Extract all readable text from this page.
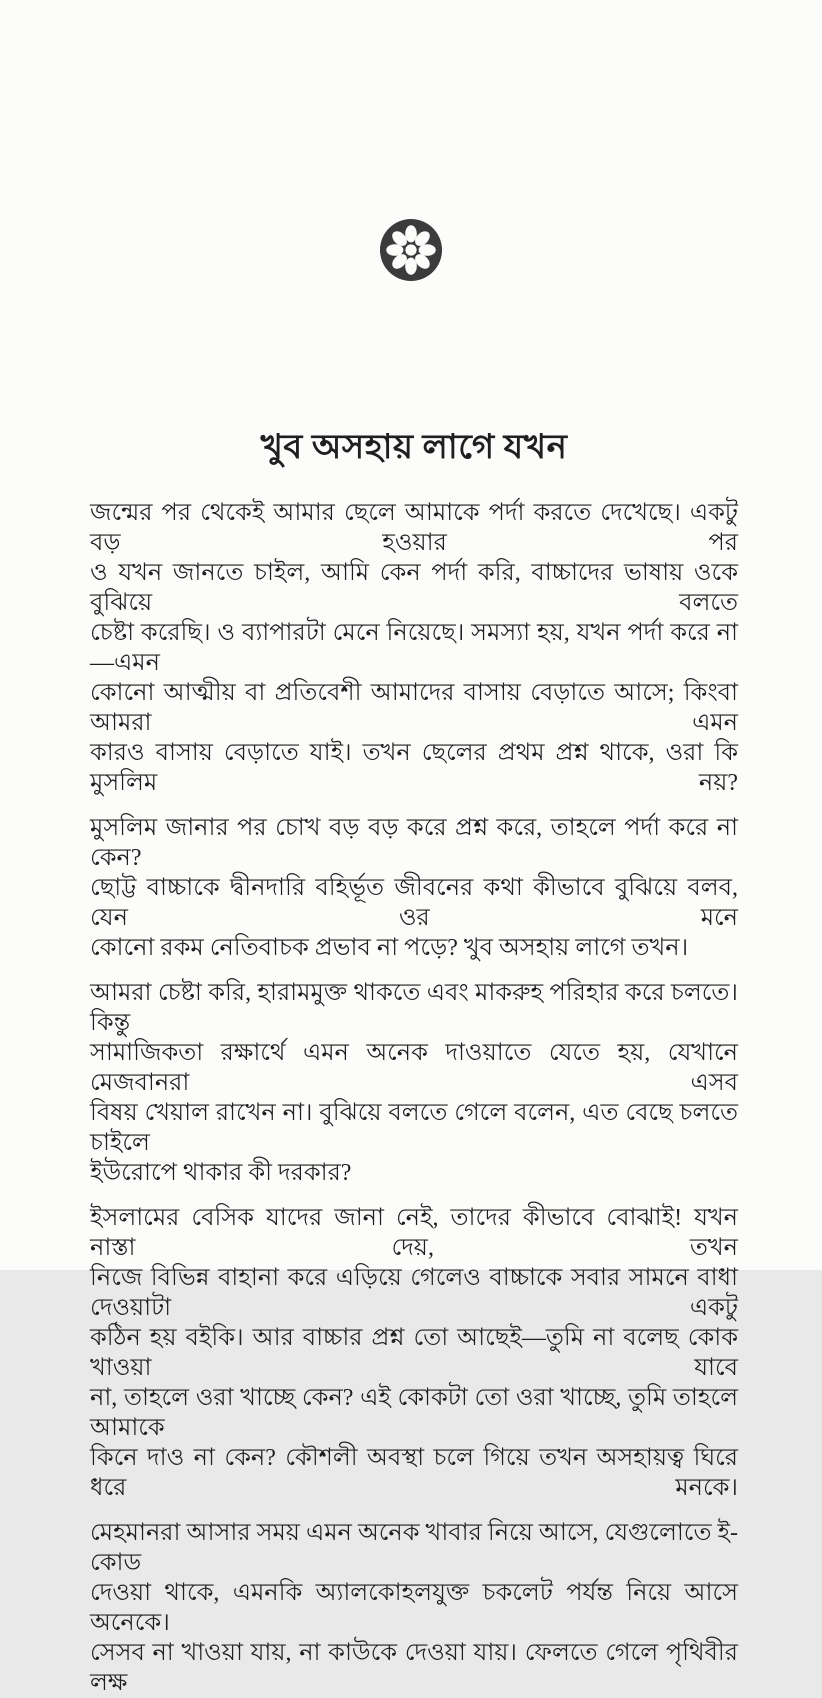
খুব অসহায় লাগে যখন
জন্মের পর থেকেই আমার ছেলে আমাকে পর্দা করতে দেখেছে। একটু বড় হওয়ার পর
ও যখন জানতে চাইল, আমি কেন পর্দা করি, বাচ্চাদের ভাষায় ওকে বুঝিয়ে বলতে
চেষ্টা করেছি। ও ব্যাপারটা মেনে নিয়েছে। সমস্যা হয়, যখন পর্দা করে না—এমন
কোনো আত্মীয় বা প্রতিবেশী আমাদের বাসায় বেড়াতে আসে; কিংবা আমরা এমন
কারও বাসায় বেড়াতে যাই। তখন ছেলের প্রথম প্রশ্ন থাকে, ওরা কি মুসলিম নয়?
মুসলিম জানার পর চোখ বড় বড় করে প্রশ্ন করে, তাহলে পর্দা করে না কেন?
ছোট্ট বাচ্চাকে দ্বীনদারি বহির্ভূত জীবনের কথা কীভাবে বুঝিয়ে বলব, যেন ওর মনে
কোনো রকম নেতিবাচক প্রভাব না পড়ে? খুব অসহায় লাগে তখন।
আমরা চেষ্টা করি, হারামমুক্ত থাকতে এবং মাকরুহ পরিহার করে চলতে। কিন্তু
সামাজিকতা রক্ষার্থে এমন অনেক দাওয়াতে যেতে হয়, যেখানে মেজবানরা এসব
বিষয় খেয়াল রাখেন না। বুঝিয়ে বলতে গেলে বলেন, এত বেছে চলতে চাইলে
ইউরোপে থাকার কী দরকার?
ইসলামের বেসিক যাদের জানা নেই, তাদের কীভাবে বোঝাই! যখন নাস্তা দেয়, তখন
নিজে বিভিন্ন বাহানা করে এড়িয়ে গেলেও বাচ্চাকে সবার সামনে বাধা দেওয়াটা একটু
কঠিন হয় বইকি। আর বাচ্চার প্রশ্ন তো আছেই—তুমি না বলেছ কোক খাওয়া যাবে
না, তাহলে ওরা খাচ্ছে কেন? এই কোকটা তো ওরা খাচ্ছে, তুমি তাহলে আমাকে
কিনে দাও না কেন? কৌশলী অবস্থা চলে গিয়ে তখন অসহায়ত্ব ঘিরে ধরে মনকে।
মেহমানরা আসার সময় এমন অনেক খাবার নিয়ে আসে, যেগুলোতে ই-কোড
দেওয়া থাকে, এমনকি অ্যালকোহলযুক্ত চকলেট পর্যন্ত নিয়ে আসে অনেকে।
সেসব না খাওয়া যায়, না কাউকে দেওয়া যায়। ফেলতে গেলে পৃথিবীর লক্ষ
